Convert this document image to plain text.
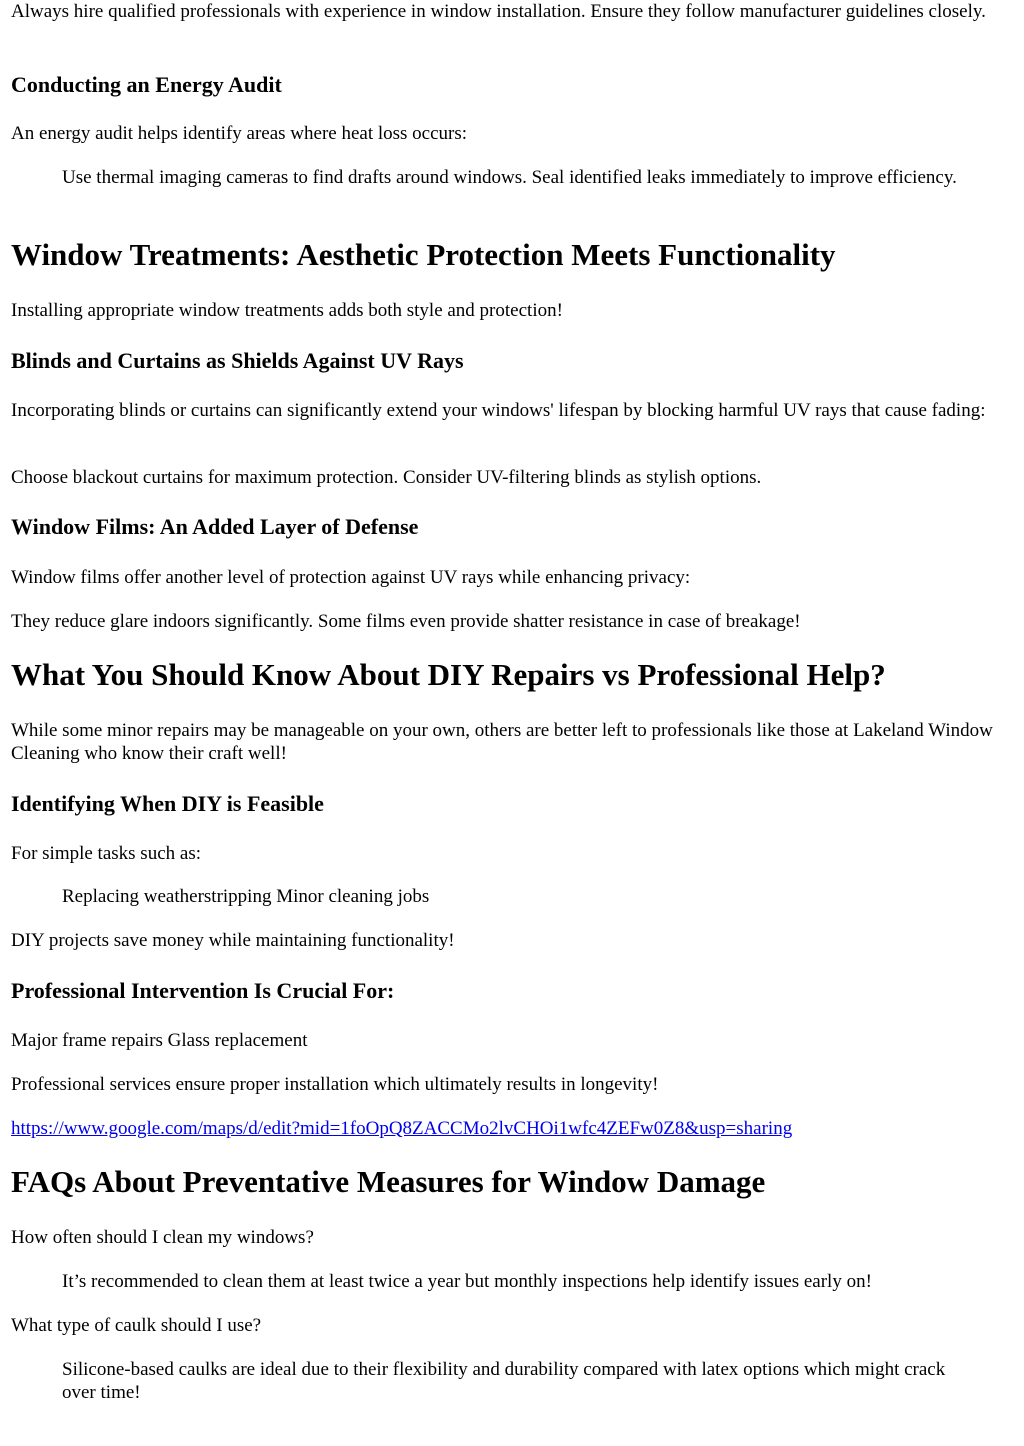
Always hire qualified professionals with experience in window installation. Ensure they follow manufacturer guidelines closely.

Conducting an Energy Audit

An energy audit helps identify areas where heat loss occurs:

Use thermal imaging cameras to find drafts around windows. Seal identified leaks immediately to improve efficiency.
Window Treatments: Aesthetic Protection Meets Functionality

Installing appropriate window treatments adds both style and protection!

Blinds and Curtains as Shields Against UV Rays

Incorporating blinds or curtains can significantly extend your windows' lifespan by blocking harmful UV rays that cause fading:

Choose blackout curtains for maximum protection. Consider UV-filtering blinds as stylish options.

Window Films: An Added Layer of Defense

Window films offer another level of protection against UV rays while enhancing privacy:

They reduce glare indoors significantly. Some films even provide shatter resistance in case of breakage!

What You Should Know About DIY Repairs vs Professional Help?

While some minor repairs may be manageable on your own, others are better left to professionals like those at Lakeland Window Cleaning who know their craft well!

Identifying When DIY is Feasible

For simple tasks such as:

Replacing weatherstripping Minor cleaning jobs

DIY projects save money while maintaining functionality!

Professional Intervention Is Crucial For:

Major frame repairs Glass replacement

Professional services ensure proper installation which ultimately results in longevity!

https://www.google.com/maps/d/edit?mid=1foOpQ8ZACCMo2lvCHOi1wfc4ZEFw0Z8&usp=sharing

FAQs About Preventative Measures for Window Damage

How often should I clean my windows?

It’s recommended to clean them at least twice a year but monthly inspections help identify issues early on!

What type of caulk should I use?

Silicone-based caulks are ideal due to their flexibility and durability compared with latex options which might crack over time!
